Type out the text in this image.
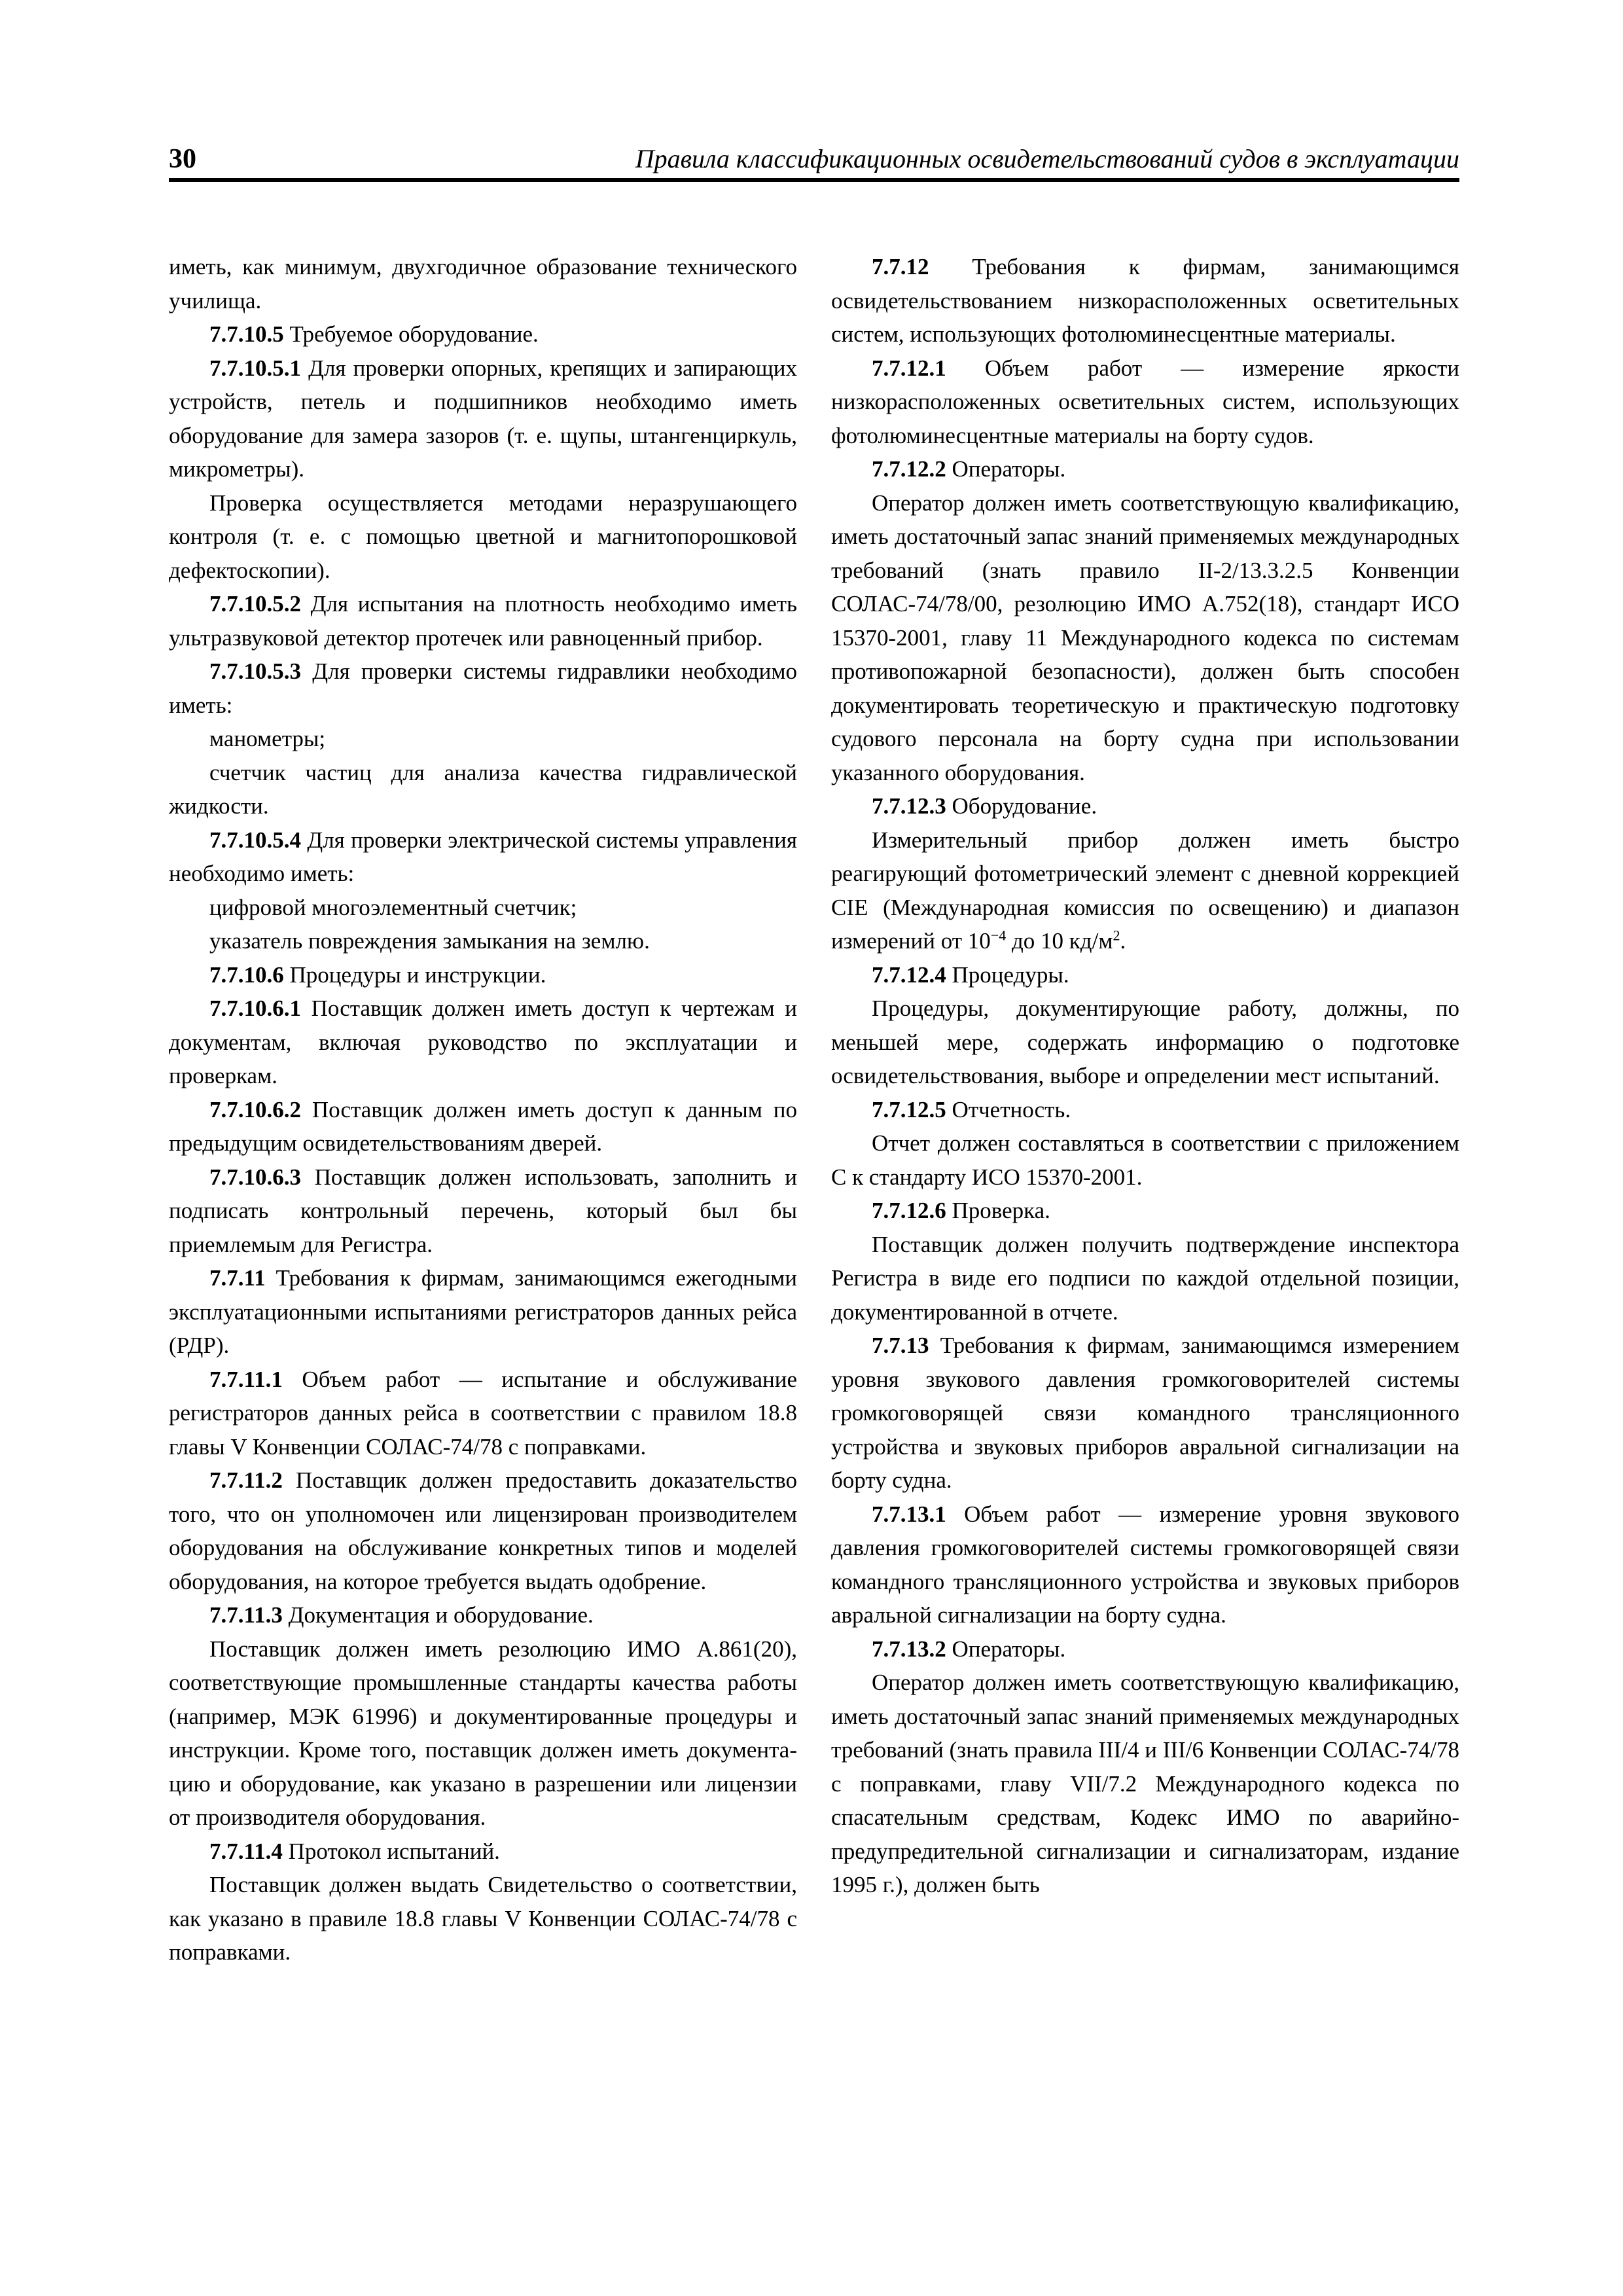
30	Правила классификационных освидетельствований судов в эксплуатации

иметь, как минимум, двухгодичное образование технического училища.

7.7.10.5 Требуемое оборудование.

7.7.10.5.1 Для проверки опорных, крепящих и запирающих устройств, петель и подшипников необходимо иметь оборудование для замера зазоров (т. е. щупы, штангенциркуль, микрометры).

Проверка осуществляется методами неразрушающего контроля (т. е. с помощью цветной и магнитопорошковой дефектоскопии).

7.7.10.5.2 Для испытания на плотность необходимо иметь ультразвуковой детектор протечек или равноценный прибор.

7.7.10.5.3 Для проверки системы гидравлики необходимо иметь:

манометры;

счетчик частиц для анализа качества гидравлической жидкости.

7.7.10.5.4 Для проверки электрической системы управления необходимо иметь:

цифровой многоэлементный счетчик;

указатель повреждения замыкания на землю.

7.7.10.6 Процедуры и инструкции.

7.7.10.6.1 Поставщик должен иметь доступ к чертежам и документам, включая руководство по эксплуатации и проверкам.

7.7.10.6.2 Поставщик должен иметь доступ к данным по предыдущим освидетельствованиям дверей.

7.7.10.6.3 Поставщик должен использовать, заполнить и подписать контрольный перечень, который был бы приемлемым для Регистра.

7.7.11 Требования к фирмам, занимающимся ежегодными эксплуатационными испытаниями регистраторов данных рейса (РДР).

7.7.11.1 Объем работ — испытание и обслуживание регистраторов данных рейса в соответствии с правилом 18.8 главы V Конвенции СОЛАС-74/78 с поправками.

7.7.11.2 Поставщик должен предоставить доказательство того, что он уполномочен или лицензирован производителем оборудования на обслуживание конкретных типов и моделей оборудования, на которое требуется выдать одобрение.

7.7.11.3 Документация и оборудование.

Поставщик должен иметь резолюцию ИМО А.861(20), соответствующие промышленные стандарты качества работы (например, МЭК 61996) и документированные процедуры и инструкции. Кроме того, поставщик должен иметь документа-цию и оборудование, как указано в разрешении или лицензии от производителя оборудования.

7.7.11.4 Протокол испытаний.

Поставщик должен выдать Свидетельство о соответствии, как указано в правиле 18.8 главы V Конвенции СОЛАС-74/78 с поправками.

7.7.12 Требования к фирмам, занимающимся освидетельствованием низкорасположенных осветительных систем, использующих фотолюминесцентные материалы.

7.7.12.1 Объем работ — измерение яркости низкорасположенных осветительных систем, использующих фотолюминесцентные материалы на борту судов.

7.7.12.2 Операторы.

Оператор должен иметь соответствующую квалификацию, иметь достаточный запас знаний применяемых международных требований (знать правило II-2/13.3.2.5 Конвенции СОЛАС-74/78/00, резолюцию ИМО А.752(18), стандарт ИСО 15370-2001, главу 11 Международного кодекса по системам противопожарной безопасности), должен быть способен документировать теоретическую и практическую подготовку судового персонала на борту судна при использовании указанного оборудования.

7.7.12.3 Оборудование.

Измерительный прибор должен иметь быстро реагирующий фотометрический элемент с дневной коррекцией CIE (Международная комиссия по освещению) и диапазон измерений от $10^{-4}$ до 10 $кд/м^2$.

7.7.12.4 Процедуры.

Процедуры, документирующие работу, должны, по меньшей мере, содержать информацию о подготовке освидетельствования, выборе и определении мест испытаний.

7.7.12.5 Отчетность.

Отчет должен составляться в соответствии с приложением С к стандарту ИСО 15370-2001.

7.7.12.6 Проверка.

Поставщик должен получить подтверждение инспектора Регистра в виде его подписи по каждой отдельной позиции, документированной в отчете.

7.7.13 Требования к фирмам, занимающимся измерением уровня звукового давления громкоговорителей системы громкоговорящей связи командного трансляционного устройства и звуковых приборов авральной сигнализации на борту судна.

7.7.13.1 Объем работ — измерение уровня звукового давления громкоговорителей системы громкоговорящей связи командного трансляционного устройства и звуковых приборов авральной сигнализации на борту судна.

7.7.13.2 Операторы.

Оператор должен иметь соответствующую квалификацию, иметь достаточный запас знаний применяемых международных требований (знать правила III/4 и III/6 Конвенции СОЛАС-74/78 с поправками, главу VII/7.2 Международного кодекса по спасательным средствам, Кодекс ИМО по аварийно-предупредительной сигнализации и сигнализаторам, издание 1995 г.), должен быть
